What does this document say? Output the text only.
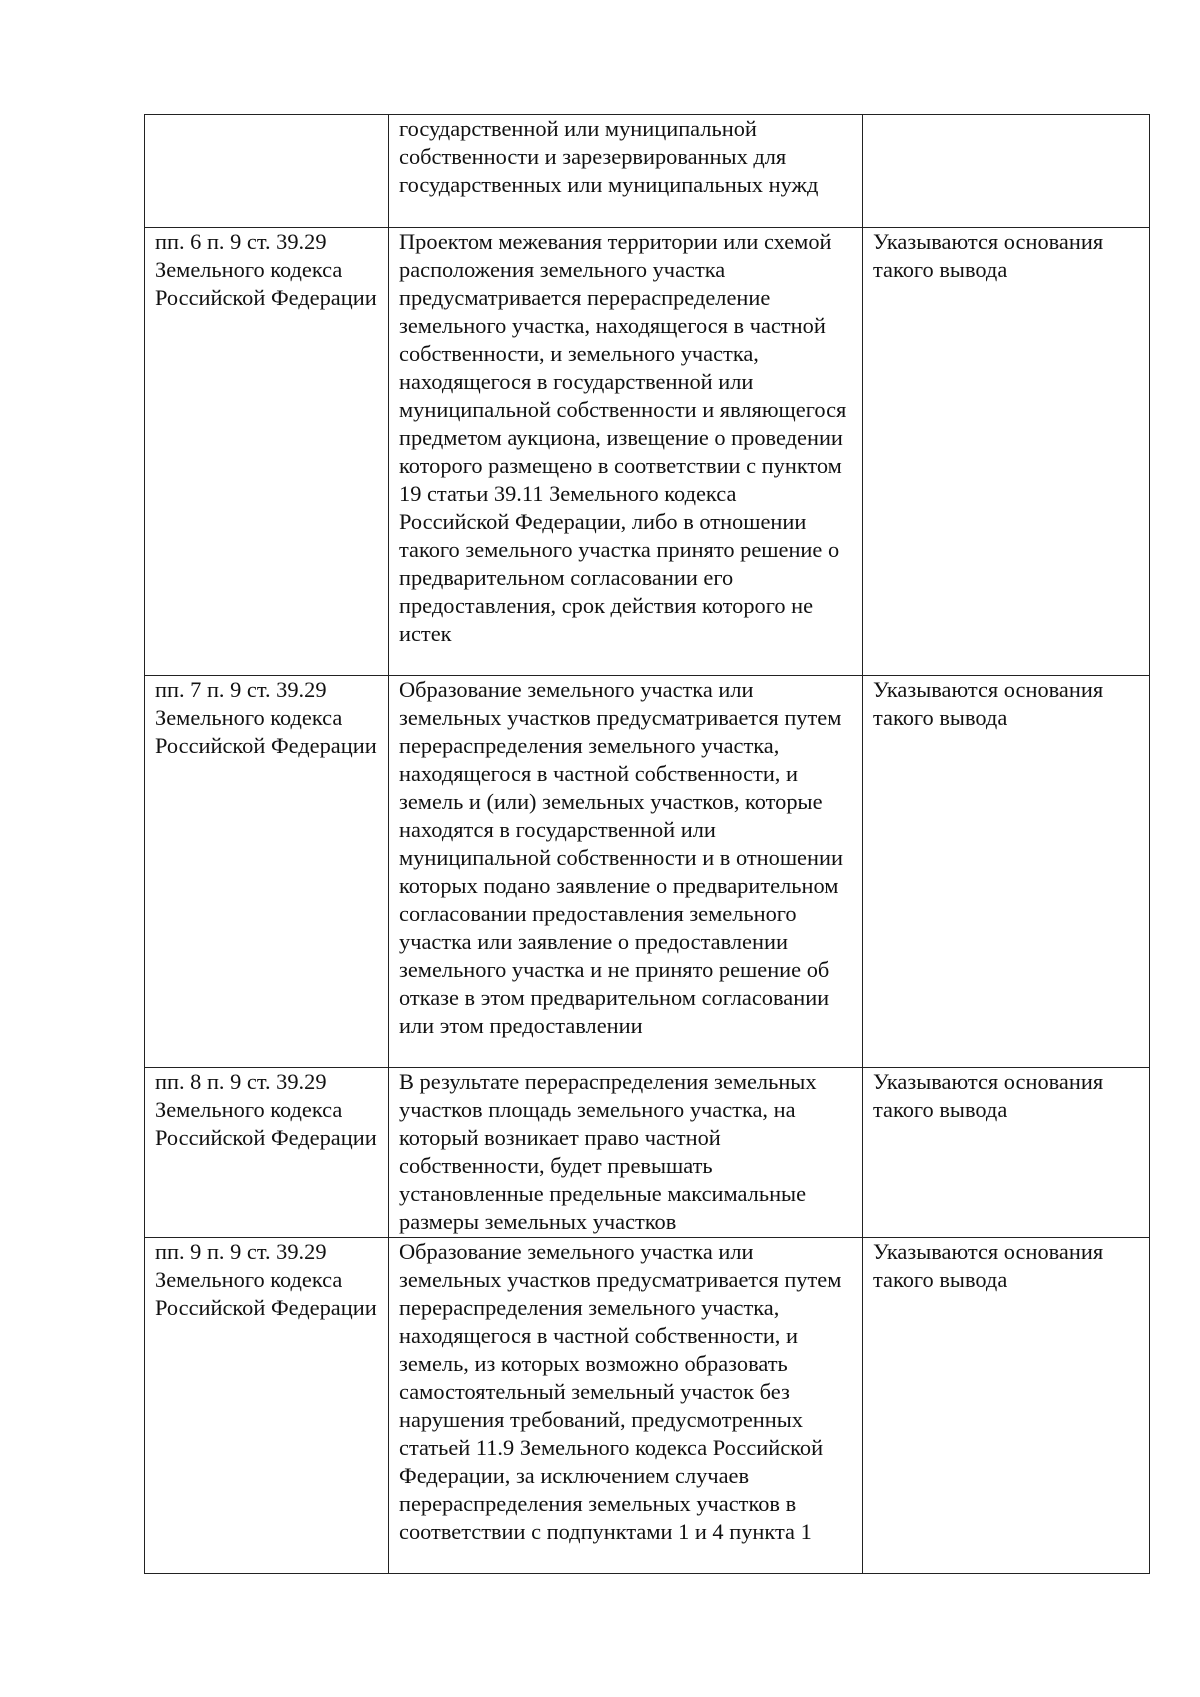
	государственной или муниципальной собственности и зарезервированных для государственных или муниципальных нужд	

пп. 6 п. 9 ст. 39.29 Земельного кодекса Российской Федерации	Проектом межевания территории или схемой расположения земельного участка предусматривается перераспределение земельного участка, находящегося в частной собственности, и земельного участка, находящегося в государственной или муниципальной собственности и являющегося предметом аукциона, извещение о проведении которого размещено в соответствии с пунктом 19 статьи 39.11 Земельного кодекса Российской Федерации, либо в отношении такого земельного участка принято решение о предварительном согласовании его предоставления, срок действия которого не истек	Указываются основания такого вывода

пп. 7 п. 9 ст. 39.29 Земельного кодекса Российской Федерации	Образование земельного участка или земельных участков предусматривается путем перераспределения земельного участка, находящегося в частной собственности, и земель и (или) земельных участков, которые находятся в государственной или муниципальной собственности и в отношении которых подано заявление о предварительном согласовании предоставления земельного участка или заявление о предоставлении земельного участка и не принято решение об отказе в этом предварительном согласовании или этом предоставлении	Указываются основания такого вывода

пп. 8 п. 9 ст. 39.29 Земельного кодекса Российской Федерации	В результате перераспределения земельных участков площадь земельного участка, на который возникает право частной собственности, будет превышать установленные предельные максимальные размеры земельных участков	Указываются основания такого вывода

пп. 9 п. 9 ст. 39.29 Земельного кодекса Российской Федерации	Образование земельного участка или земельных участков предусматривается путем перераспределения земельного участка, находящегося в частной собственности, и земель, из которых возможно образовать самостоятельный земельный участок без нарушения требований, предусмотренных статьей 11.9 Земельного кодекса Российской Федерации, за исключением случаев перераспределения земельных участков в соответствии с подпунктами 1 и 4 пункта 1	Указываются основания такого вывода
